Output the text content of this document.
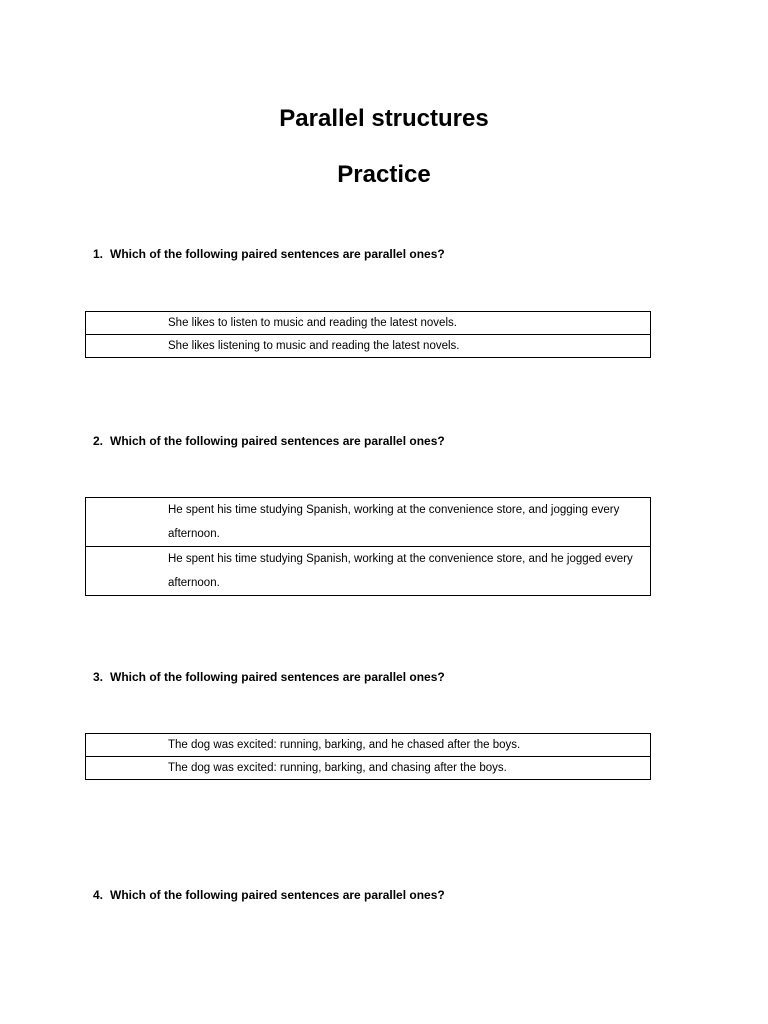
Parallel structures
Practice
1. Which of the following paired sentences are parallel ones?
She likes to listen to music and reading the latest novels.
She likes listening to music and reading the latest novels.
2. Which of the following paired sentences are parallel ones?
He spent his time studying Spanish, working at the convenience store, and jogging every afternoon.
He spent his time studying Spanish, working at the convenience store, and he jogged every afternoon.
3. Which of the following paired sentences are parallel ones?
The dog was excited: running, barking, and he chased after the boys.
The dog was excited: running, barking, and chasing after the boys.
4. Which of the following paired sentences are parallel ones?
